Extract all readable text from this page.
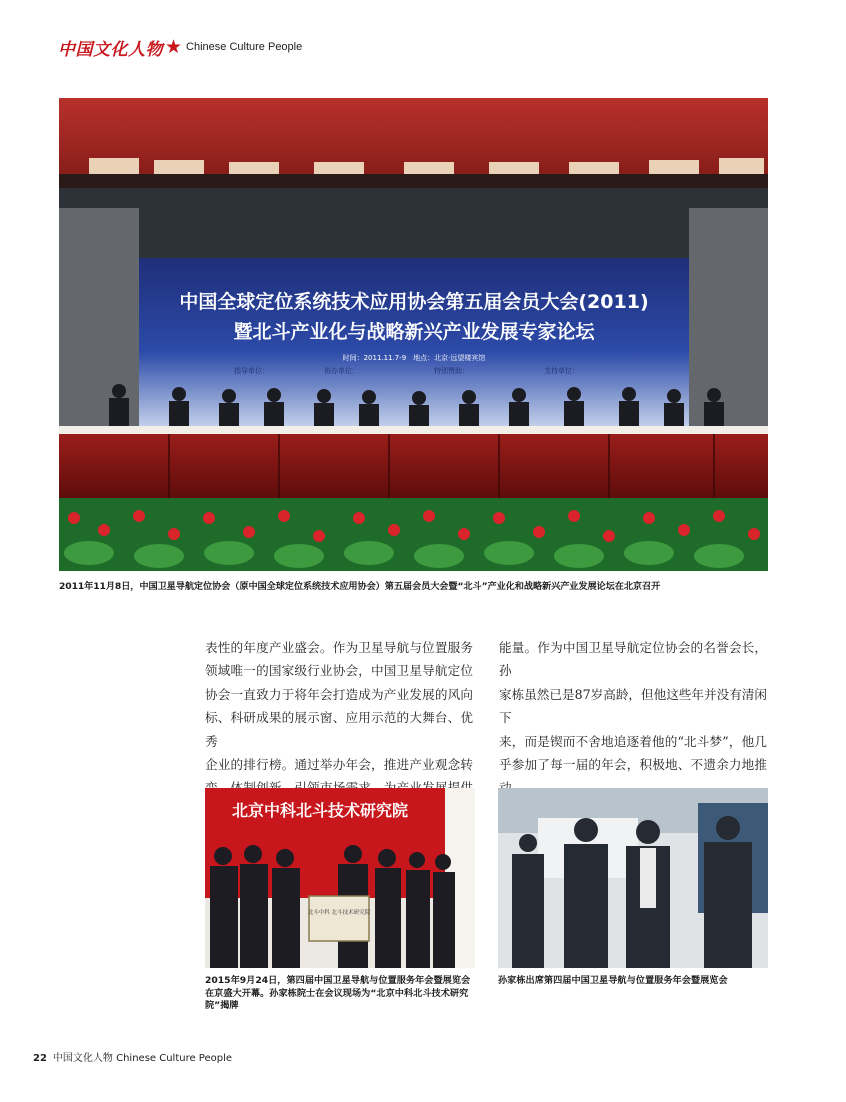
中国文化人物 ★ Chinese Culture People
中国全球定位系统技术应用协会第五届会员大会(2011)
暨北斗产业化与战略新兴产业发展专家论坛
时间：2011.11.7-9　地点：北京·远望楼宾馆
指导单位：	协办单位：	特别赞助：	支持单位：
2011年11月8日，中国卫星导航定位协会（原中国全球定位系统技术应用协会）第五届会员大会暨“北斗”产业化和战略新兴产业发展论坛在北京召开

表性的年度产业盛会。作为卫星导航与位置服务

领域唯一的国家级行业协会，中国卫星导航定位

协会一直致力于将年会打造成为产业发展的风向

标、科研成果的展示窗、应用示范的大舞台、优秀

企业的排行榜。通过举办年会，推进产业观念转

能量。作为中国卫星导航定位协会的名誉会长，孙

家栋虽然已是87岁高龄，但他这些年并没有清闲下

来，而是锲而不舍地追逐着他的“北斗梦”，他几

乎参加了每一届的年会，积极地、不遗余力地推

北京中科北斗技术研究院
北斗中科 北斗技术研究院
2015年9月24日，第四届中国卫星导航与位置服务年会暨展览会在京盛大开幕。孙家栋院士在会议现场为“北京中科北斗技术研究院”揭牌
孙家栋出席第四届中国卫星导航与位置服务年会暨展览会
22 中国文化人物 Chinese Culture People
